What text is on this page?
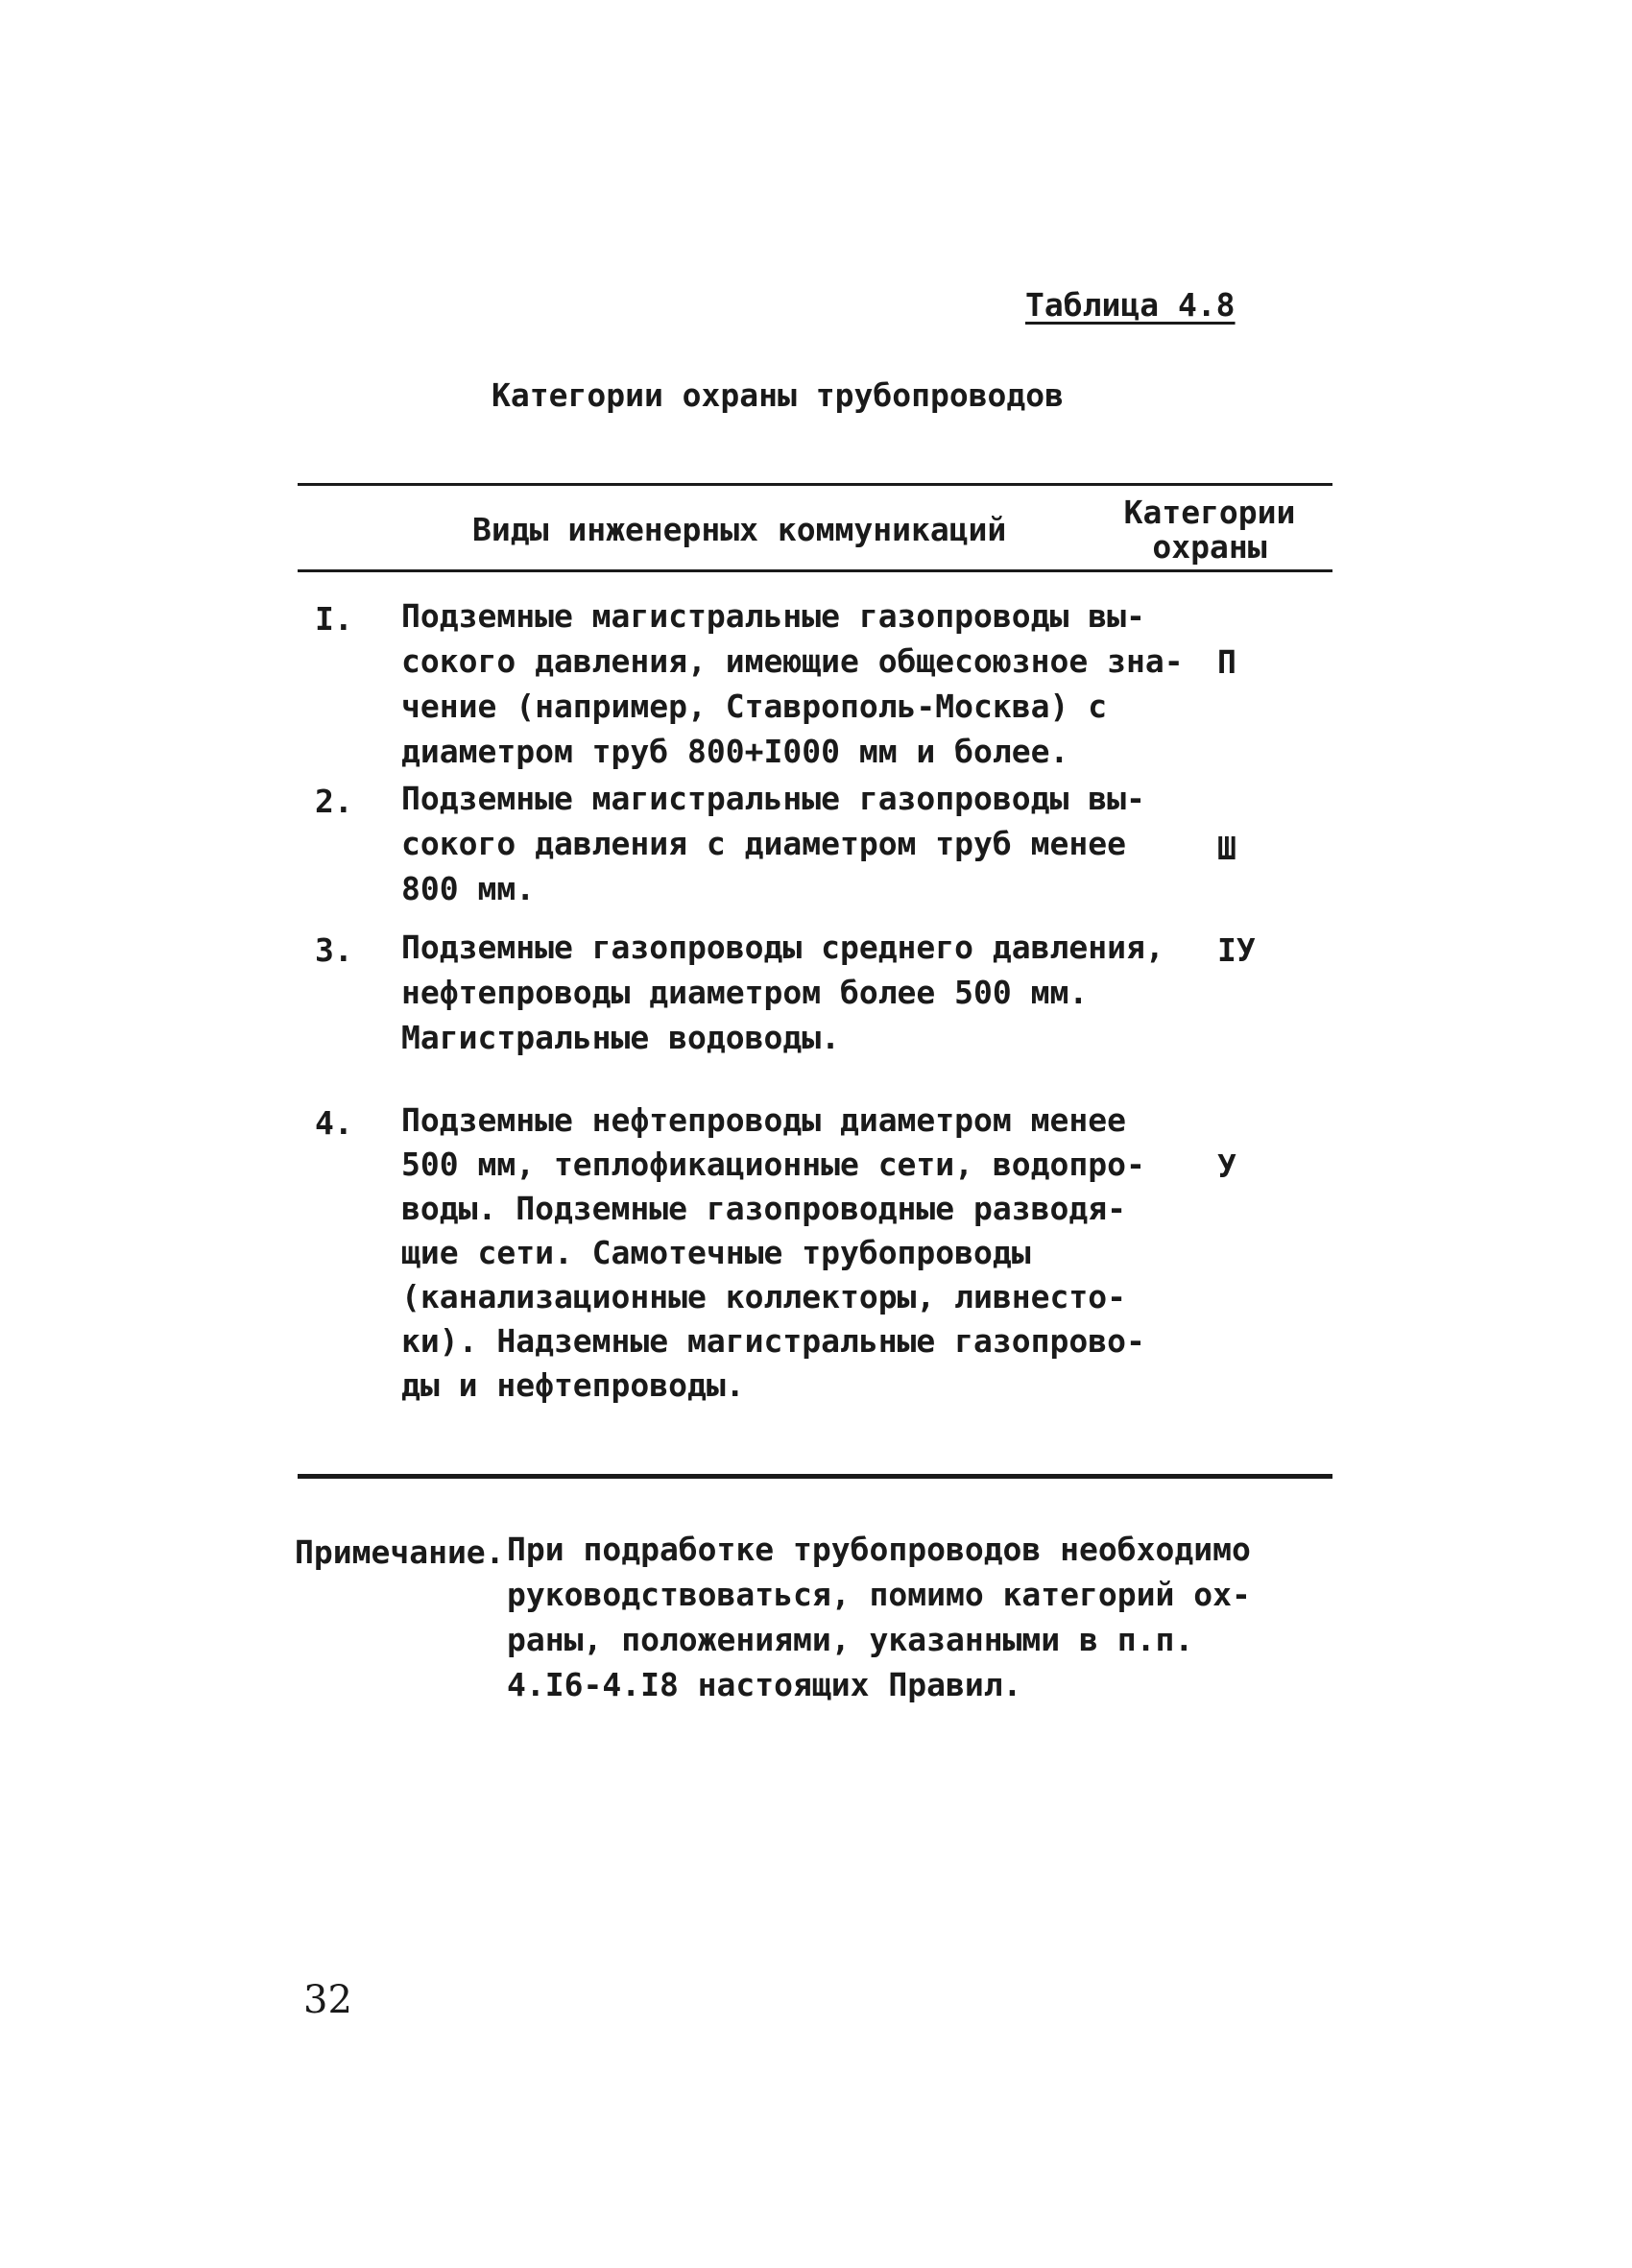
Таблица 4.8
Категории охраны трубопроводов
Виды инженерных коммуникаций	Категории охраны
I. Подземные магистральные газопроводы вы-
сокого давления, имеющие общесоюзное зна-
чение (например, Ставрополь-Москва) с
диаметром труб 800+I000 мм и более.
П
2. Подземные магистральные газопроводы вы-
сокого давления с диаметром труб менее
800 мм.
Ш
3. Подземные газопроводы среднего давления,
нефтепроводы диаметром более 500 мм.
Магистральные водоводы.
IУ
4. Подземные нефтепроводы диаметром менее
500 мм, теплофикационные сети, водопро-
воды. Подземные газопроводные разводя-
щие сети. Самотечные трубопроводы
(канализационные коллекторы, ливнесто-
ки). Надземные магистральные газопрово-
ды и нефтепроводы.
У
Примечание. При подработке трубопроводов необходимо
руководствоваться, помимо категорий ох-
раны, положениями, указанными в п.п.
4.I6-4.I8 настоящих Правил.
32
